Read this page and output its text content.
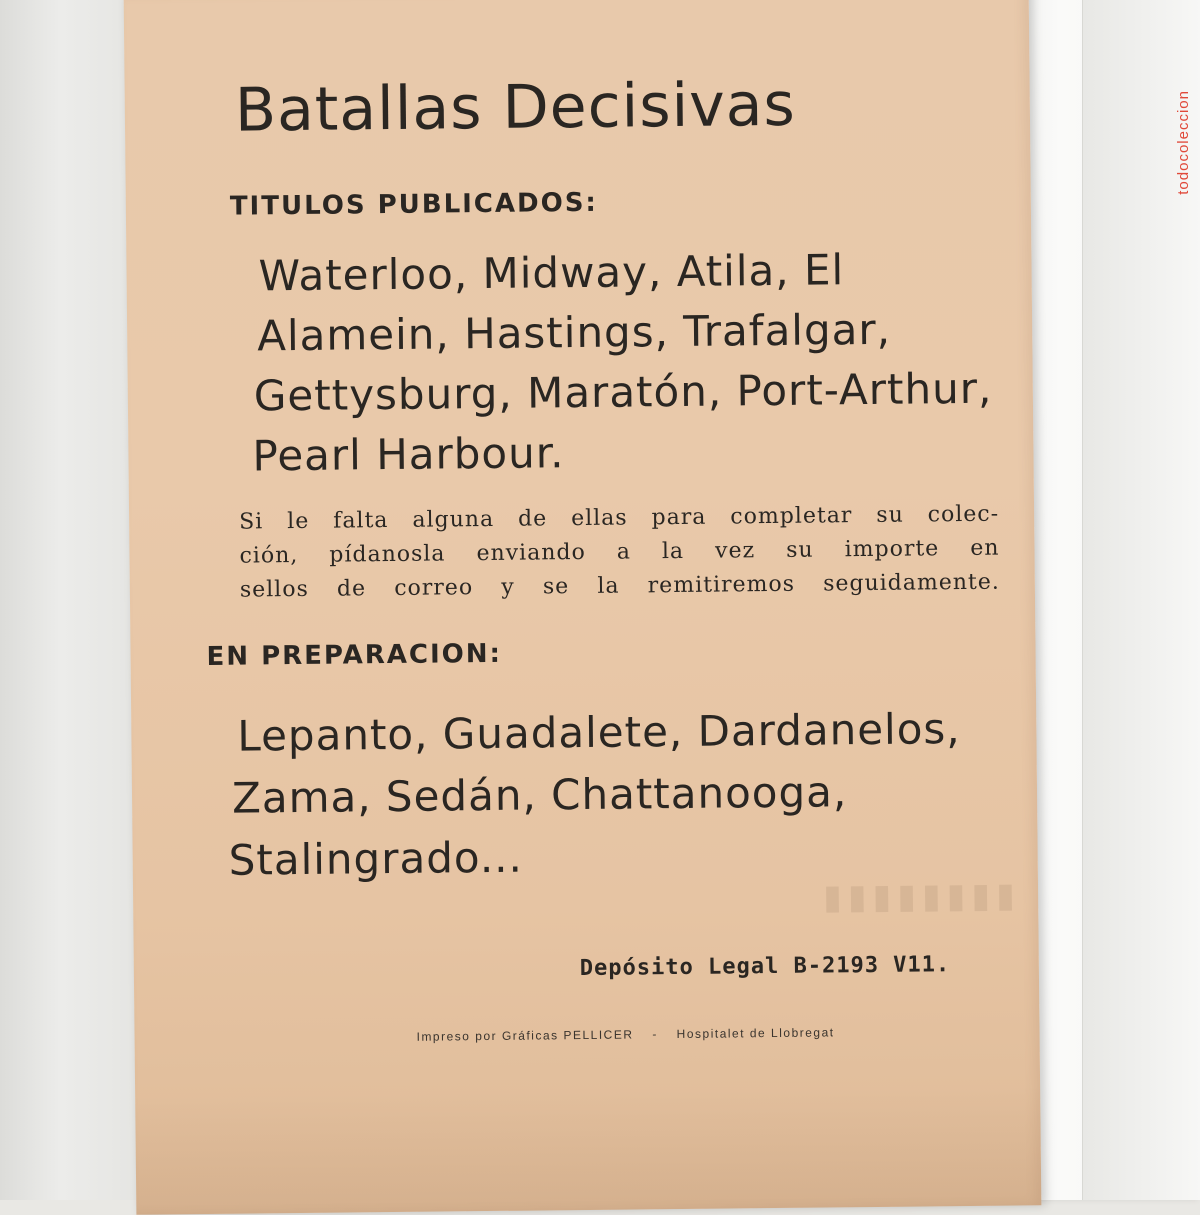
todocoleccion
▮▮▮▮▮▮▮▮
Batallas Decisivas
TITULOS PUBLICADOS:
Waterloo, Midway, Atila, El
Alamein, Hastings, Trafalgar,
Gettysburg, Maratón, Port-Arthur,
Pearl Harbour.
Si le falta alguna de ellas para completar su colec-
ción, pídanosla enviando a la vez su importe en
sellos de correo y se la remitiremos seguidamente.
EN PREPARACION:
Lepanto, Guadalete, Dardanelos,
Zama, Sedán, Chattanooga,
Stalingrado...
Depósito Legal B-2193 V11.
Impreso por Gráficas PELLICER - Hospitalet de Llobregat
